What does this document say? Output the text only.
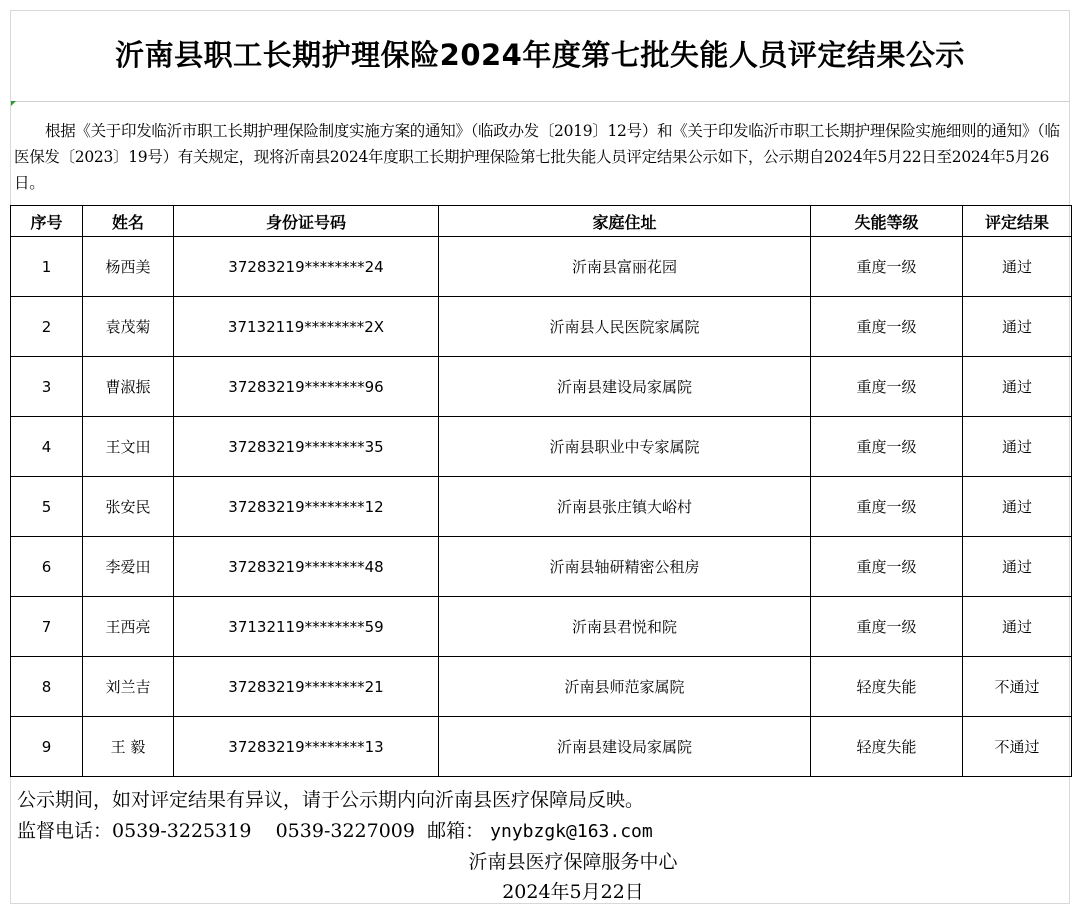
沂南县职工长期护理保险2024年度第七批失能人员评定结果公示
根据《关于印发临沂市职工长期护理保险制度实施方案的通知》（临政办发〔2019〕12号）和《关于印发临沂市职工长期护理保险实施细则的通知》（临医保发〔2023〕19号）有关规定，现将沂南县2024年度职工长期护理保险第七批失能人员评定结果公示如下，公示期自2024年5月22日至2024年5月26日。
序号	姓名	身份证号码	家庭住址	失能等级	评定结果
1	杨西美	37283219********24	沂南县富丽花园	重度一级	通过
2	袁茂菊	37132119********2X	沂南县人民医院家属院	重度一级	通过
3	曹淑振	37283219********96	沂南县建设局家属院	重度一级	通过
4	王文田	37283219********35	沂南县职业中专家属院	重度一级	通过
5	张安民	37283219********12	沂南县张庄镇大峪村	重度一级	通过
6	李爱田	37283219********48	沂南县轴研精密公租房	重度一级	通过
7	王西亮	37132119********59	沂南县君悦和院	重度一级	通过
8	刘兰吉	37283219********21	沂南县师范家属院	轻度失能	不通过
9	王 毅	37283219********13	沂南县建设局家属院	轻度失能	不通过
公示期间，如对评定结果有异议，请于公示期内向沂南县医疗保障局反映。
监督电话：0539-3225319 0539-3227009 邮箱： ynybzgk@163.com
沂南县医疗保障服务中心
2024年5月22日
